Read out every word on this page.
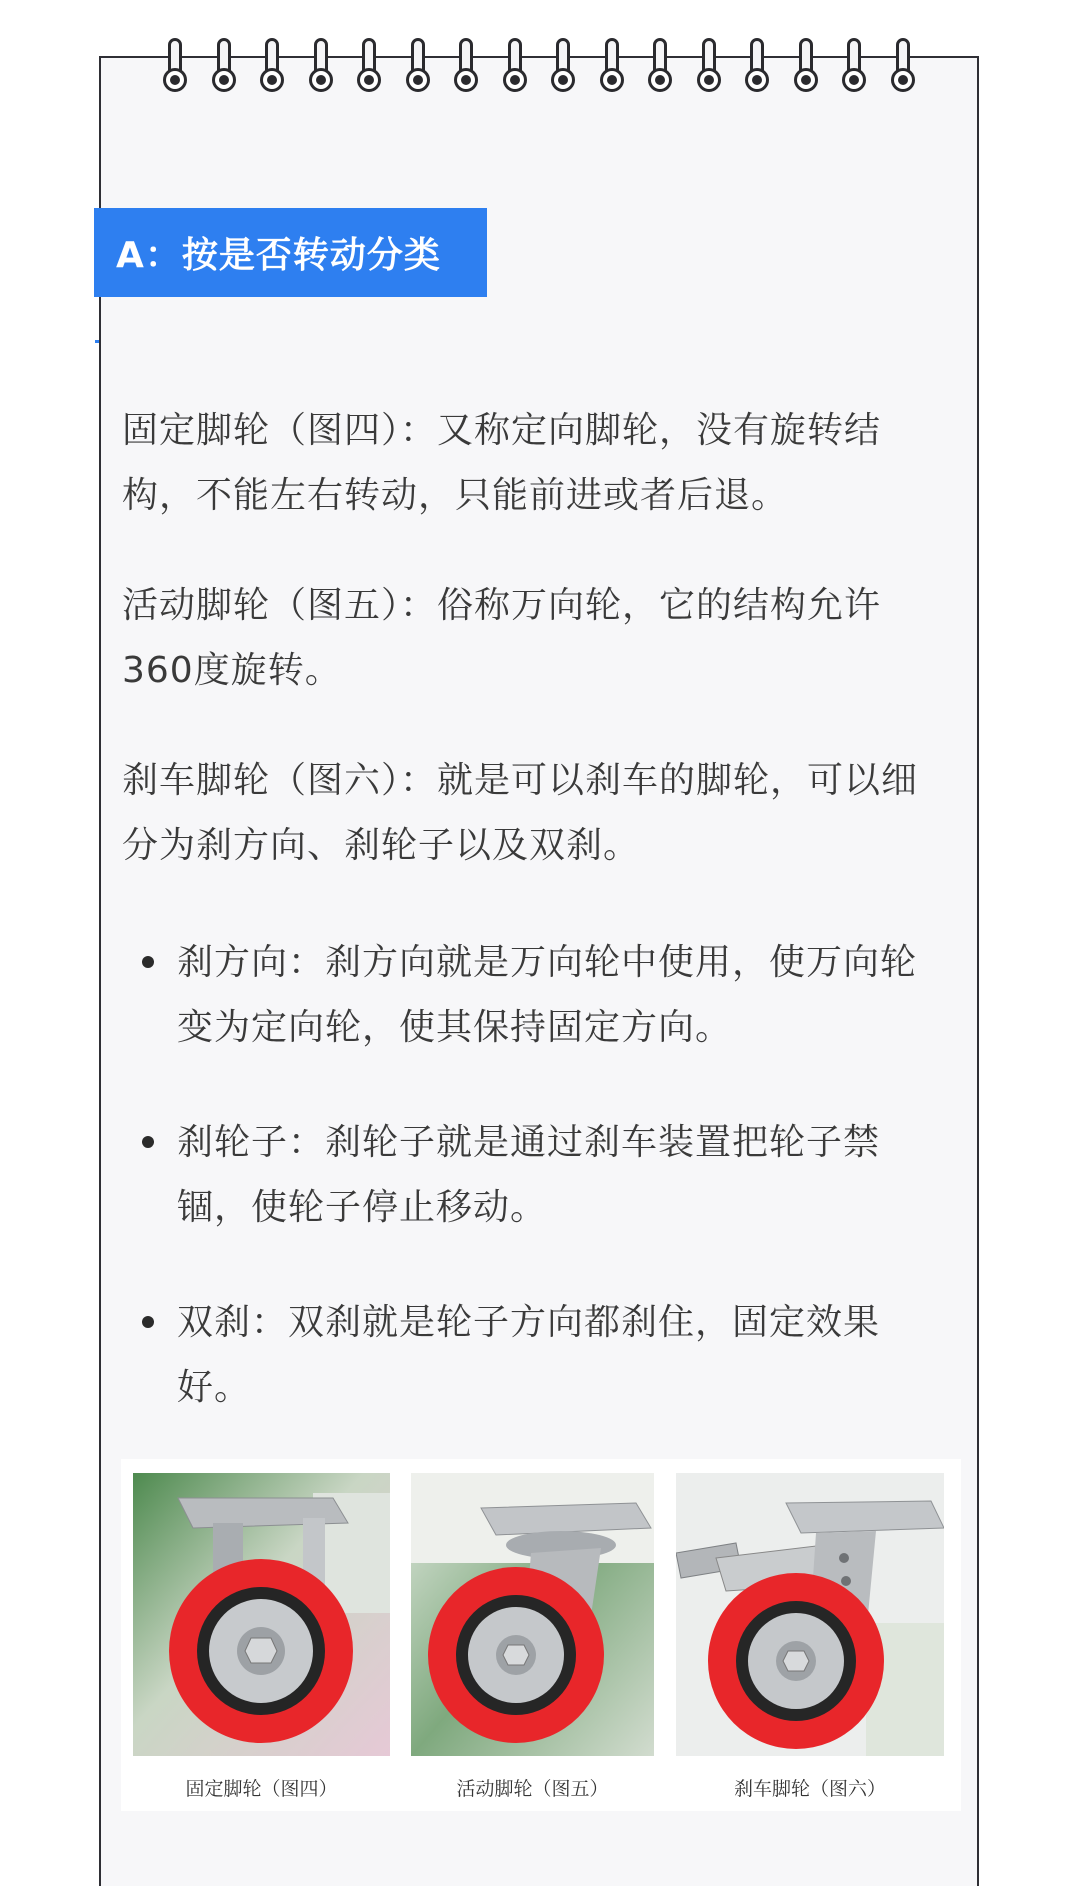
A：按是否转动分类
固定脚轮（图四）：又称定向脚轮，没有旋转结构，不能左右转动，只能前进或者后退。
活动脚轮（图五）：俗称万向轮，它的结构允许360度旋转。
刹车脚轮（图六）：就是可以刹车的脚轮，可以细分为刹方向、刹轮子以及双刹。
刹方向：刹方向就是万向轮中使用，使万向轮变为定向轮，使其保持固定方向。
刹轮子：刹轮子就是通过刹车装置把轮子禁锢，使轮子停止移动。
双刹：双刹就是轮子方向都刹住，固定效果好。
固定脚轮（图四）	活动脚轮（图五）	刹车脚轮（图六）
